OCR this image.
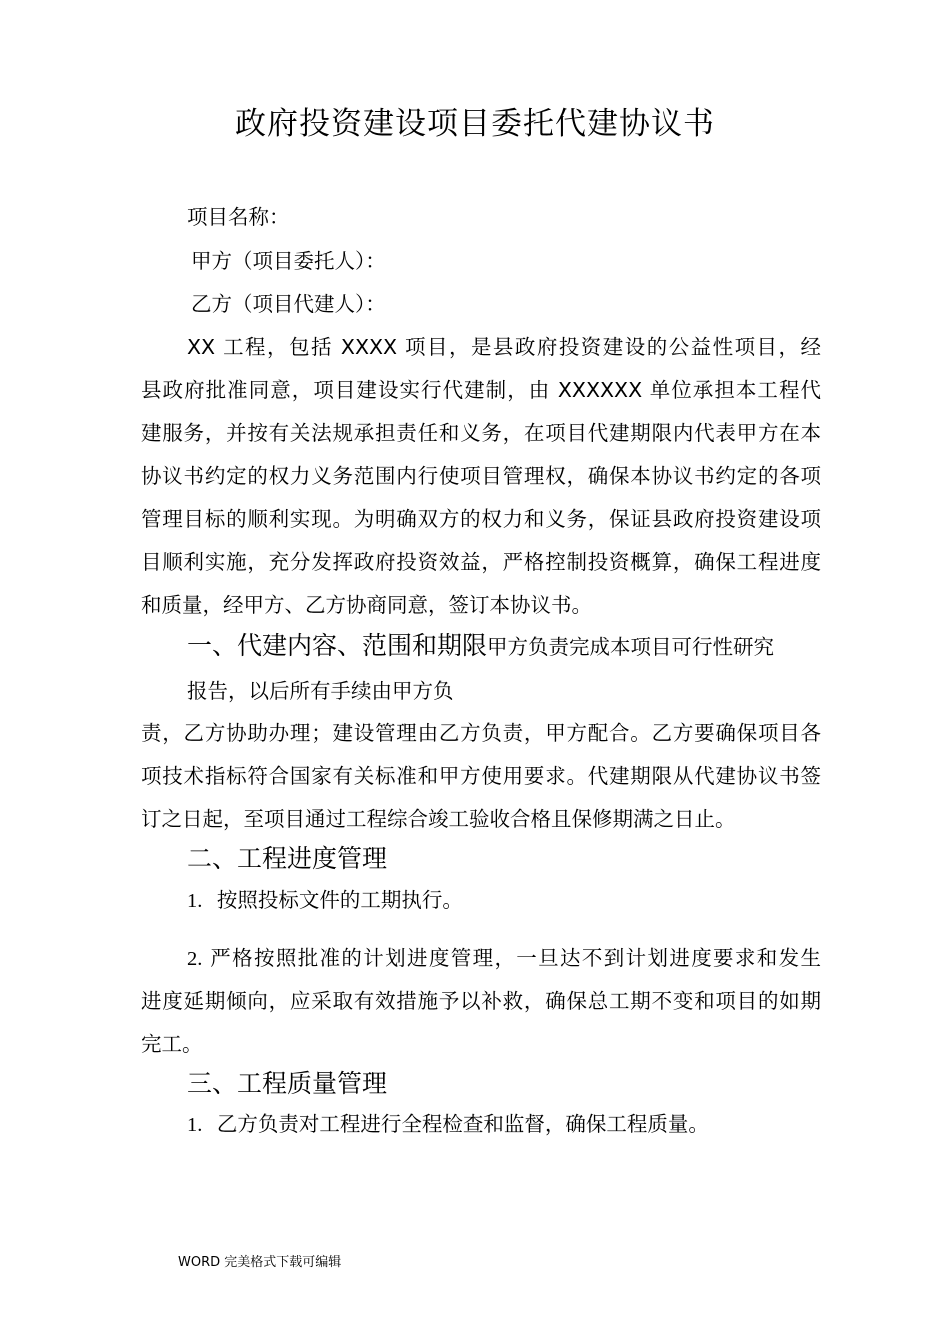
政府投资建设项目委托代建协议书
项目名称：
甲方（项目委托人）：
乙方（项目代建人）：
XX 工程，包括 XXXX 项目，是县政府投资建设的公益性项目，经
县政府批准同意，项目建设实行代建制，由 XXXXXX 单位承担本工程代
建服务，并按有关法规承担责任和义务，在项目代建期限内代表甲方在本
协议书约定的权力义务范围内行使项目管理权，确保本协议书约定的各项
管理目标的顺利实现。为明确双方的权力和义务，保证县政府投资建设项
目顺利实施，充分发挥政府投资效益，严格控制投资概算，确保工程进度
和质量，经甲方、乙方协商同意，签订本协议书。
一、代建内容、范围和期限甲方负责完成本项目可行性研究
报告，以后所有手续由甲方负
责，乙方协助办理；建设管理由乙方负责，甲方配合。乙方要确保项目各
项技术指标符合国家有关标准和甲方使用要求。代建期限从代建协议书签
订之日起，至项目通过工程综合竣工验收合格且保修期满之日止。
二、工程进度管理
1. 按照投标文件的工期执行。
2. 严格按照批准的计划进度管理，一旦达不到计划进度要求和发生
进度延期倾向，应采取有效措施予以补救，确保总工期不变和项目的如期
完工。
三、工程质量管理
1. 乙方负责对工程进行全程检查和监督，确保工程质量。
WORD 完美格式下载可编辑
